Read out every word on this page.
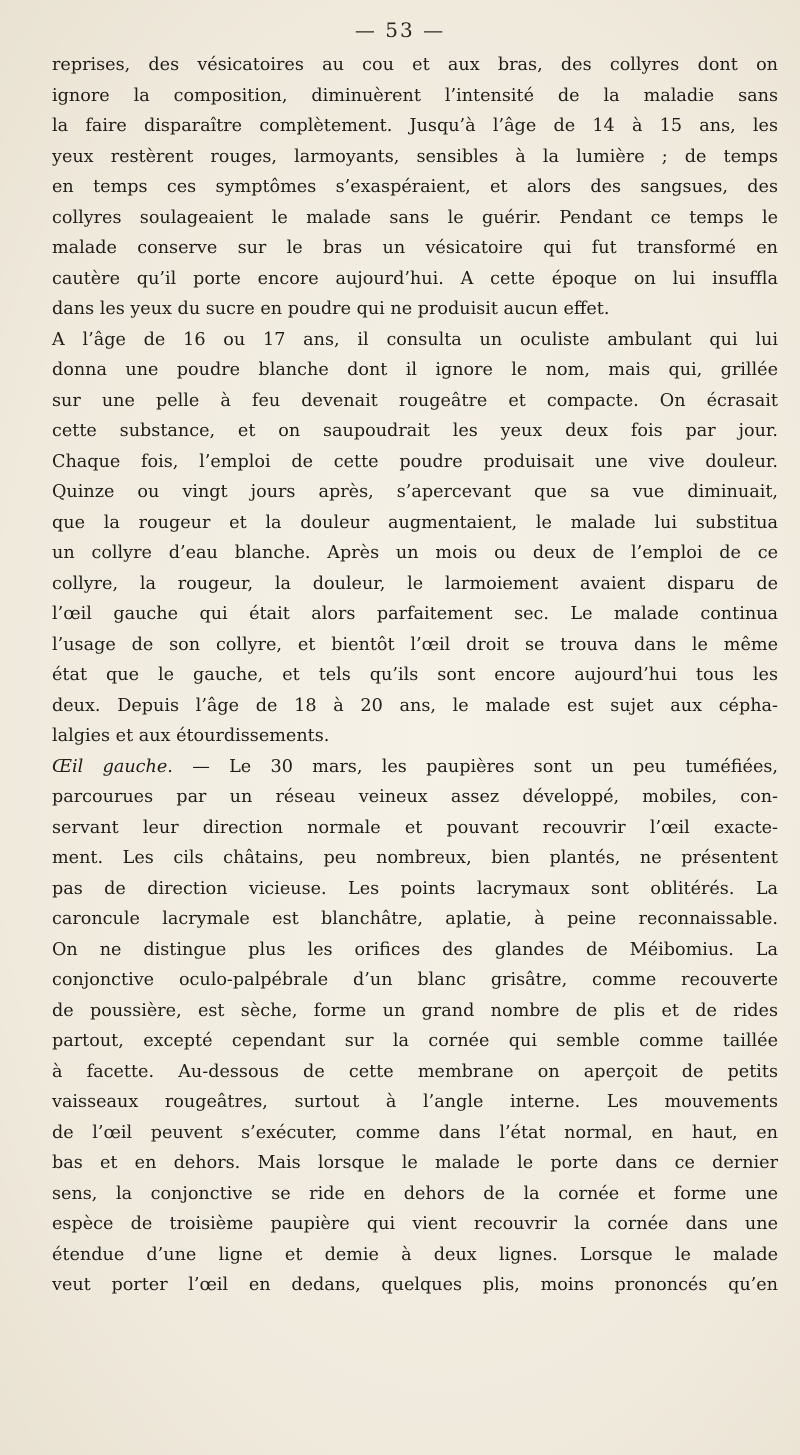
— 53 —
reprises, des vésicatoires au cou et aux bras, des collyres dont on
ignore la composition, diminuèrent l’intensité de la maladie sans
la faire disparaître complètement. Jusqu’à l’âge de 14 à 15 ans, les
yeux restèrent rouges, larmoyants, sensibles à la lumière ; de temps
en temps ces symptômes s’exaspéraient, et alors des sangsues, des
collyres soulageaient le malade sans le guérir. Pendant ce temps le
malade conserve sur le bras un vésicatoire qui fut transformé en
cautère qu’il porte encore aujourd’hui. A cette époque on lui insuffla
dans les yeux du sucre en poudre qui ne produisit aucun effet.
A l’âge de 16 ou 17 ans, il consulta un oculiste ambulant qui lui
donna une poudre blanche dont il ignore le nom, mais qui, grillée
sur une pelle à feu devenait rougeâtre et compacte. On écrasait
cette substance, et on saupoudrait les yeux deux fois par jour.
Chaque fois, l’emploi de cette poudre produisait une vive douleur.
Quinze ou vingt jours après, s’apercevant que sa vue diminuait,
que la rougeur et la douleur augmentaient, le malade lui substitua
un collyre d’eau blanche. Après un mois ou deux de l’emploi de ce
collyre, la rougeur, la douleur, le larmoiement avaient disparu de
l’œil gauche qui était alors parfaitement sec. Le malade continua
l’usage de son collyre, et bientôt l’œil droit se trouva dans le même
état que le gauche, et tels qu’ils sont encore aujourd’hui tous les
deux. Depuis l’âge de 18 à 20 ans, le malade est sujet aux cépha-
lalgies et aux étourdissements.
Œil gauche. — Le 30 mars, les paupières sont un peu tuméfiées,
parcourues par un réseau veineux assez développé, mobiles, con-
servant leur direction normale et pouvant recouvrir l’œil exacte-
ment. Les cils châtains, peu nombreux, bien plantés, ne présentent
pas de direction vicieuse. Les points lacrymaux sont oblitérés. La
caroncule lacrymale est blanchâtre, aplatie, à peine reconnaissable.
On ne distingue plus les orifices des glandes de Méibomius. La
conjonctive oculo-palpébrale d’un blanc grisâtre, comme recouverte
de poussière, est sèche, forme un grand nombre de plis et de rides
partout, excepté cependant sur la cornée qui semble comme taillée
à facette. Au-dessous de cette membrane on aperçoit de petits
vaisseaux rougeâtres, surtout à l’angle interne. Les mouvements
de l’œil peuvent s’exécuter, comme dans l’état normal, en haut, en
bas et en dehors. Mais lorsque le malade le porte dans ce dernier
sens, la conjonctive se ride en dehors de la cornée et forme une
espèce de troisième paupière qui vient recouvrir la cornée dans une
étendue d’une ligne et demie à deux lignes. Lorsque le malade
veut porter l’œil en dedans, quelques plis, moins prononcés qu’en
